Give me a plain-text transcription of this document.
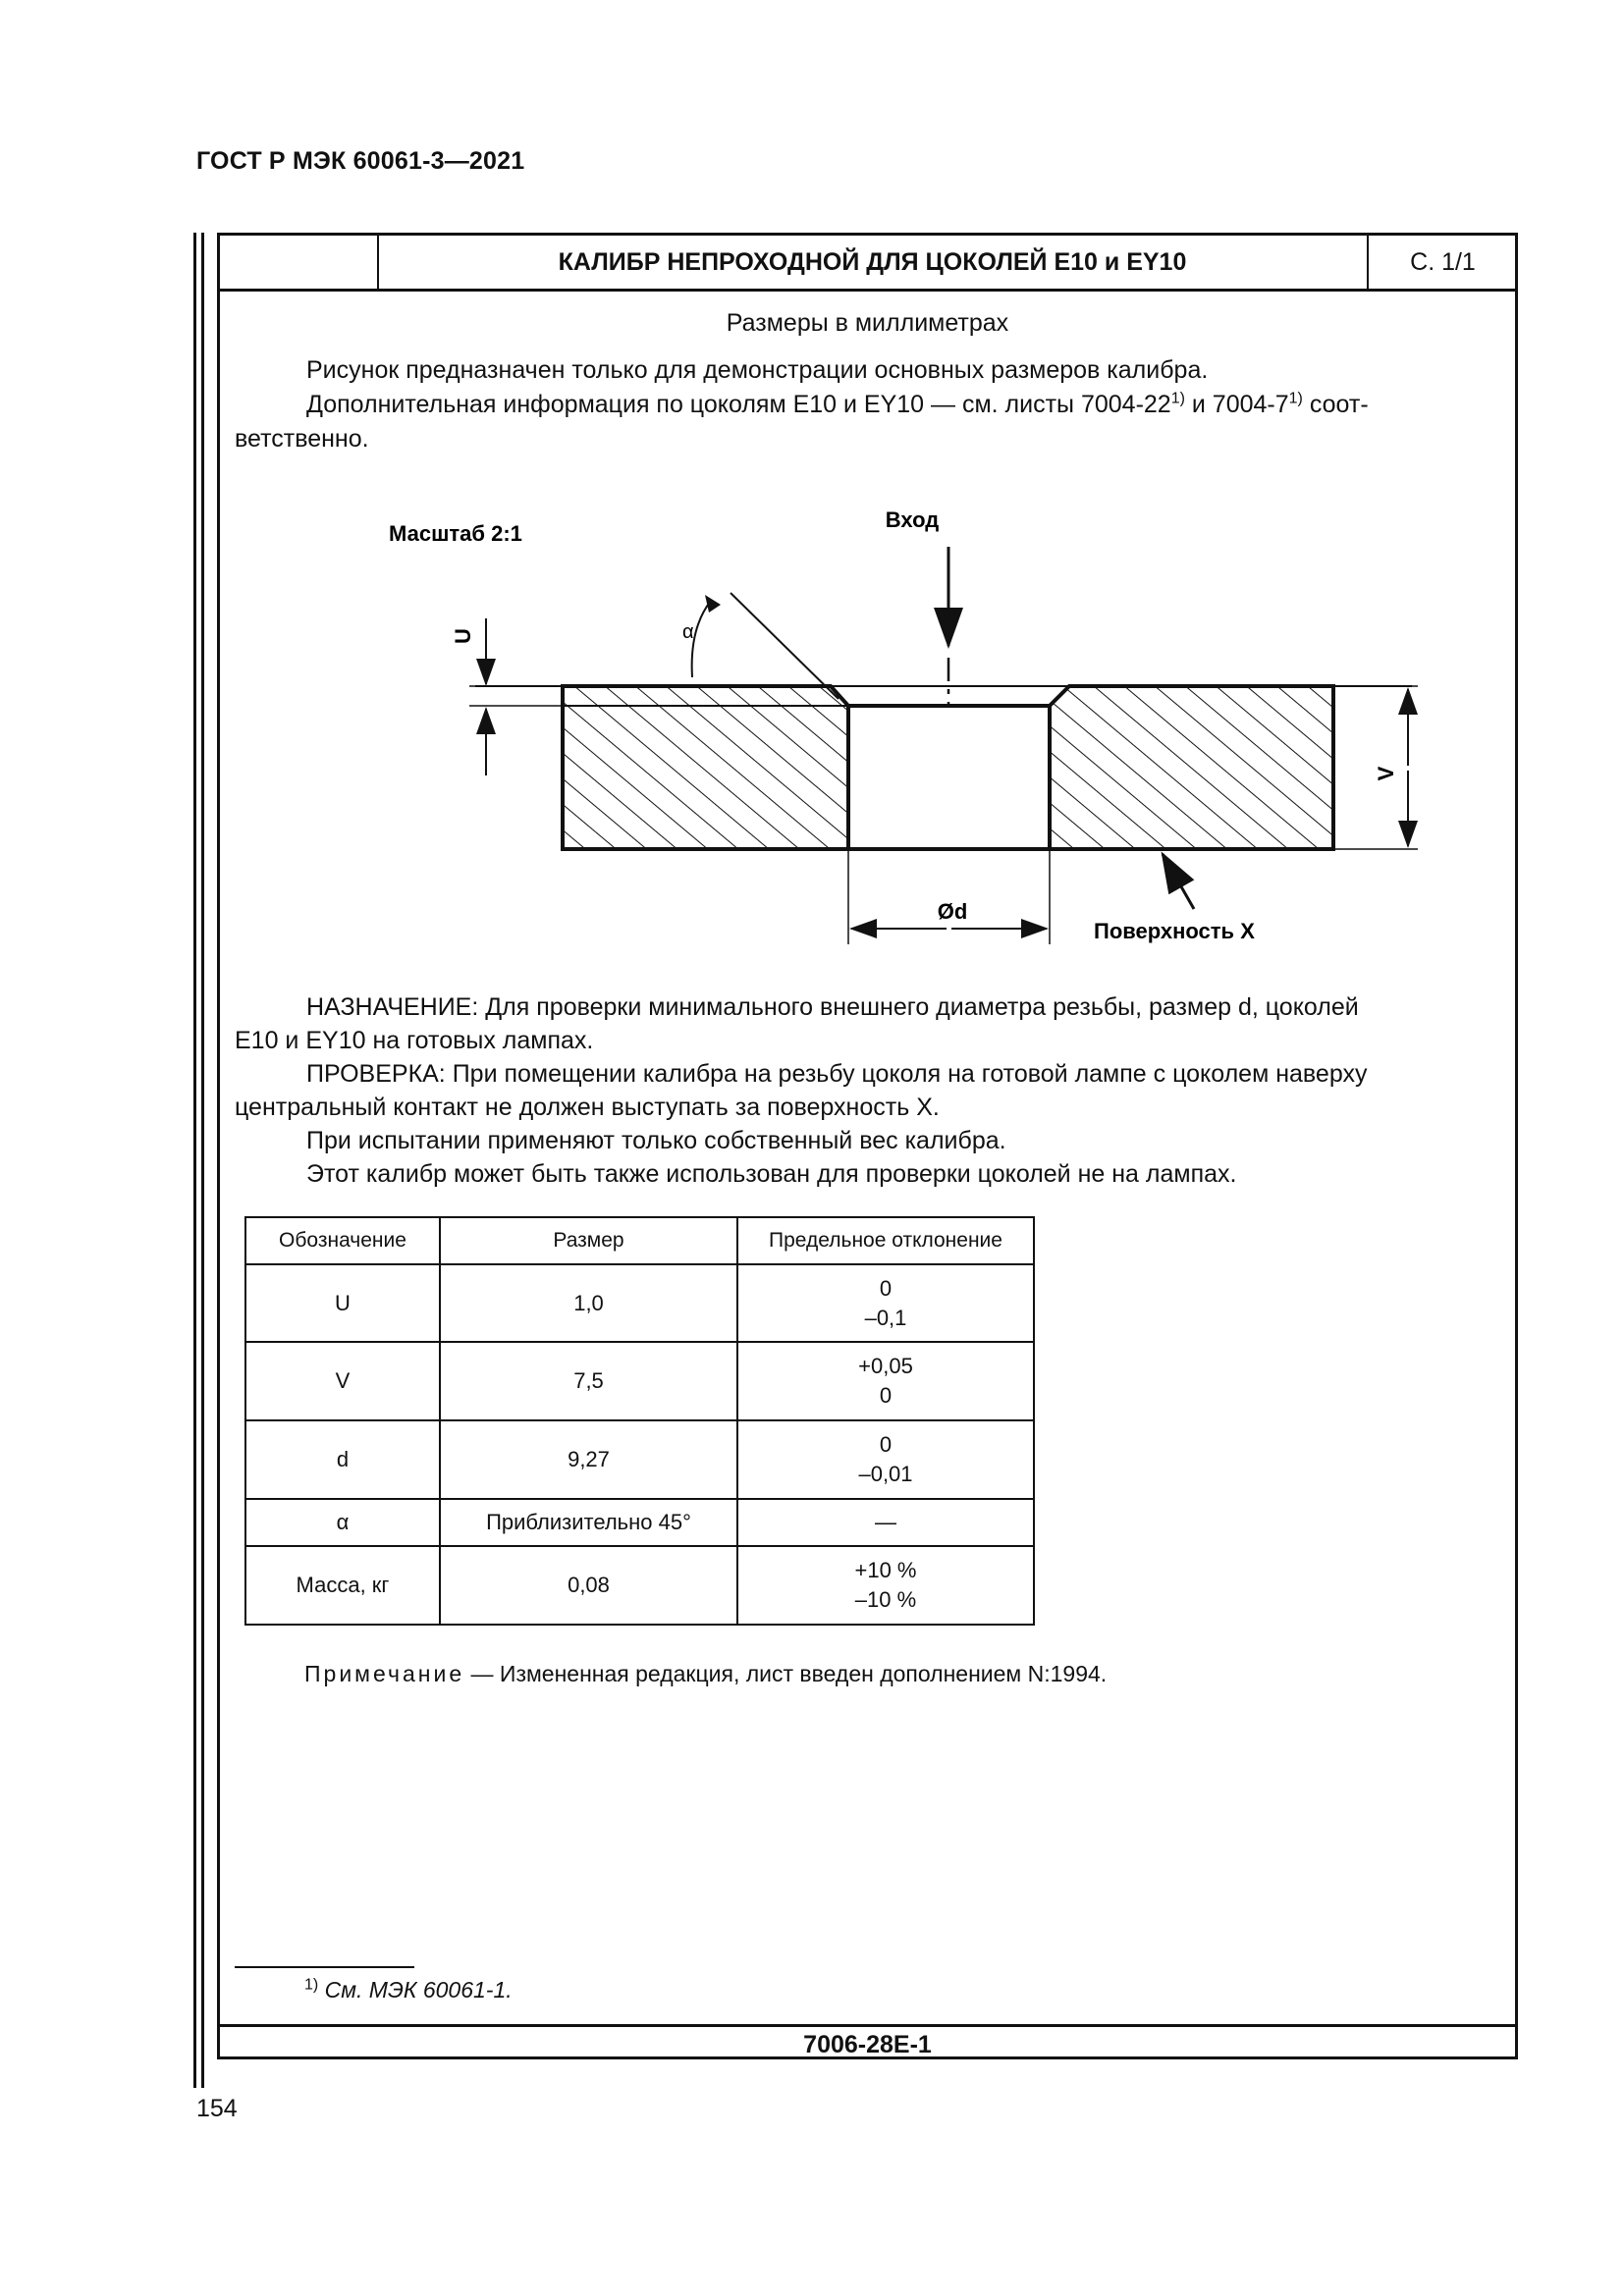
ГОСТ Р МЭК 60061-3—2021
КАЛИБР НЕПРОХОДНОЙ ДЛЯ ЦОКОЛЕЙ Е10 и EY10	С. 1/1
Размеры в миллиметрах
Рисунок предназначен только для демонстрации основных размеров калибра.
Дополнительная информация по цоколям Е10 и EY10 — см. листы 7004-22$^{1)}$ и 7004-7$^{1)}$ соот-
ветственно.
Масштаб 2:1
Вход
α
U
V
Ød
Поверхность X
НАЗНАЧЕНИЕ: Для проверки минимального внешнего диаметра резьбы, размер d, цоколей
Е10 и EY10 на готовых лампах.
ПРОВЕРКА: При помещении калибра на резьбу цоколя на готовой лампе с цоколем наверху
центральный контакт не должен выступать за поверхность X.
При испытании применяют только собственный вес калибра.
Этот калибр может быть также использован для проверки цоколей не на лампах.
Обозначение	Размер	Предельное отклонение
U	1,0	0
–0,1

V	7,5	+0,05
0

d	9,27	0
–0,01

α	Приблизительно 45°	—

Масса, кг	0,08	+10 %
–10 %
Примечание — Измененная редакция, лист введен дополнением N:1994.
$^{1)}$ См. МЭК 60061-1.
7006-28Е-1
154
